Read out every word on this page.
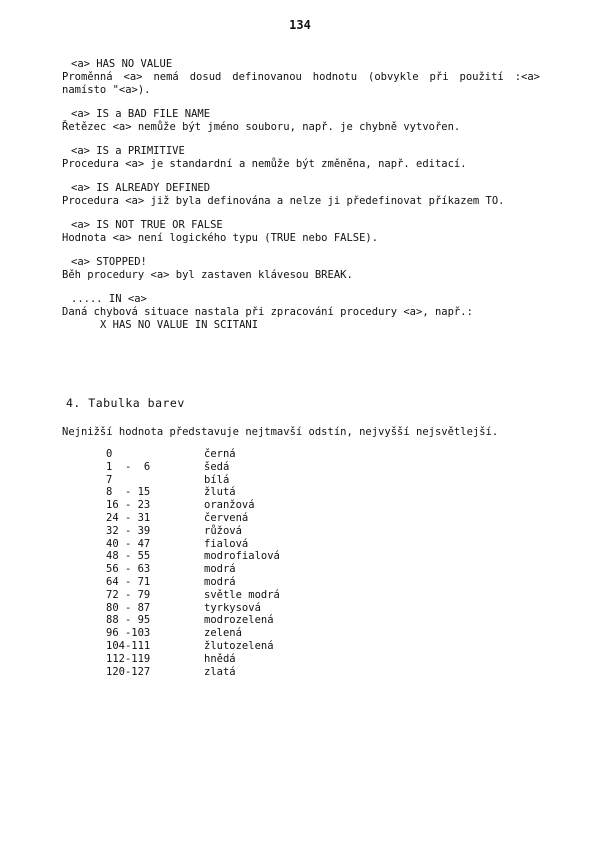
134
<a> HAS NO VALUE
Proměnná <a> nemá dosud definovanou hodnotu (obvykle při použití :<a> namísto "<a>).
<a> IS a BAD FILE NAME
Řetězec <a> nemůže být jméno souboru, např. je chybně vytvořen.
<a> IS a PRIMITIVE
Procedura <a> je standardní a nemůže být změněna, např. editací.
<a> IS ALREADY DEFINED
Procedura <a> již byla definována a nelze ji předefinovat příkazem TO.
<a> IS NOT TRUE OR FALSE
Hodnota <a> není logického typu (TRUE nebo FALSE).
<a> STOPPED!
Běh procedury <a> byl zastaven klávesou BREAK.
..... IN <a>
Daná chybová situace nastala při zpracování procedury <a>, např.:
X HAS NO VALUE IN SCITANI
4. Tabulka barev
Nejnižší hodnota představuje nejtmavší odstín, nejvyšší nejsvětlejší.
0	černá
1  -  6	šedá
7	bílá
8  - 15	žlutá
16 - 23	oranžová
24 - 31	červená
32 - 39	růžová
40 - 47	fialová
48 - 55	modrofialová
56 - 63	modrá
64 - 71	modrá
72 - 79	světle modrá
80 - 87	tyrkysová
88 - 95	modrozelená
96 -103	zelená
104-111	žlutozelená
112-119	hnědá
120-127	zlatá
